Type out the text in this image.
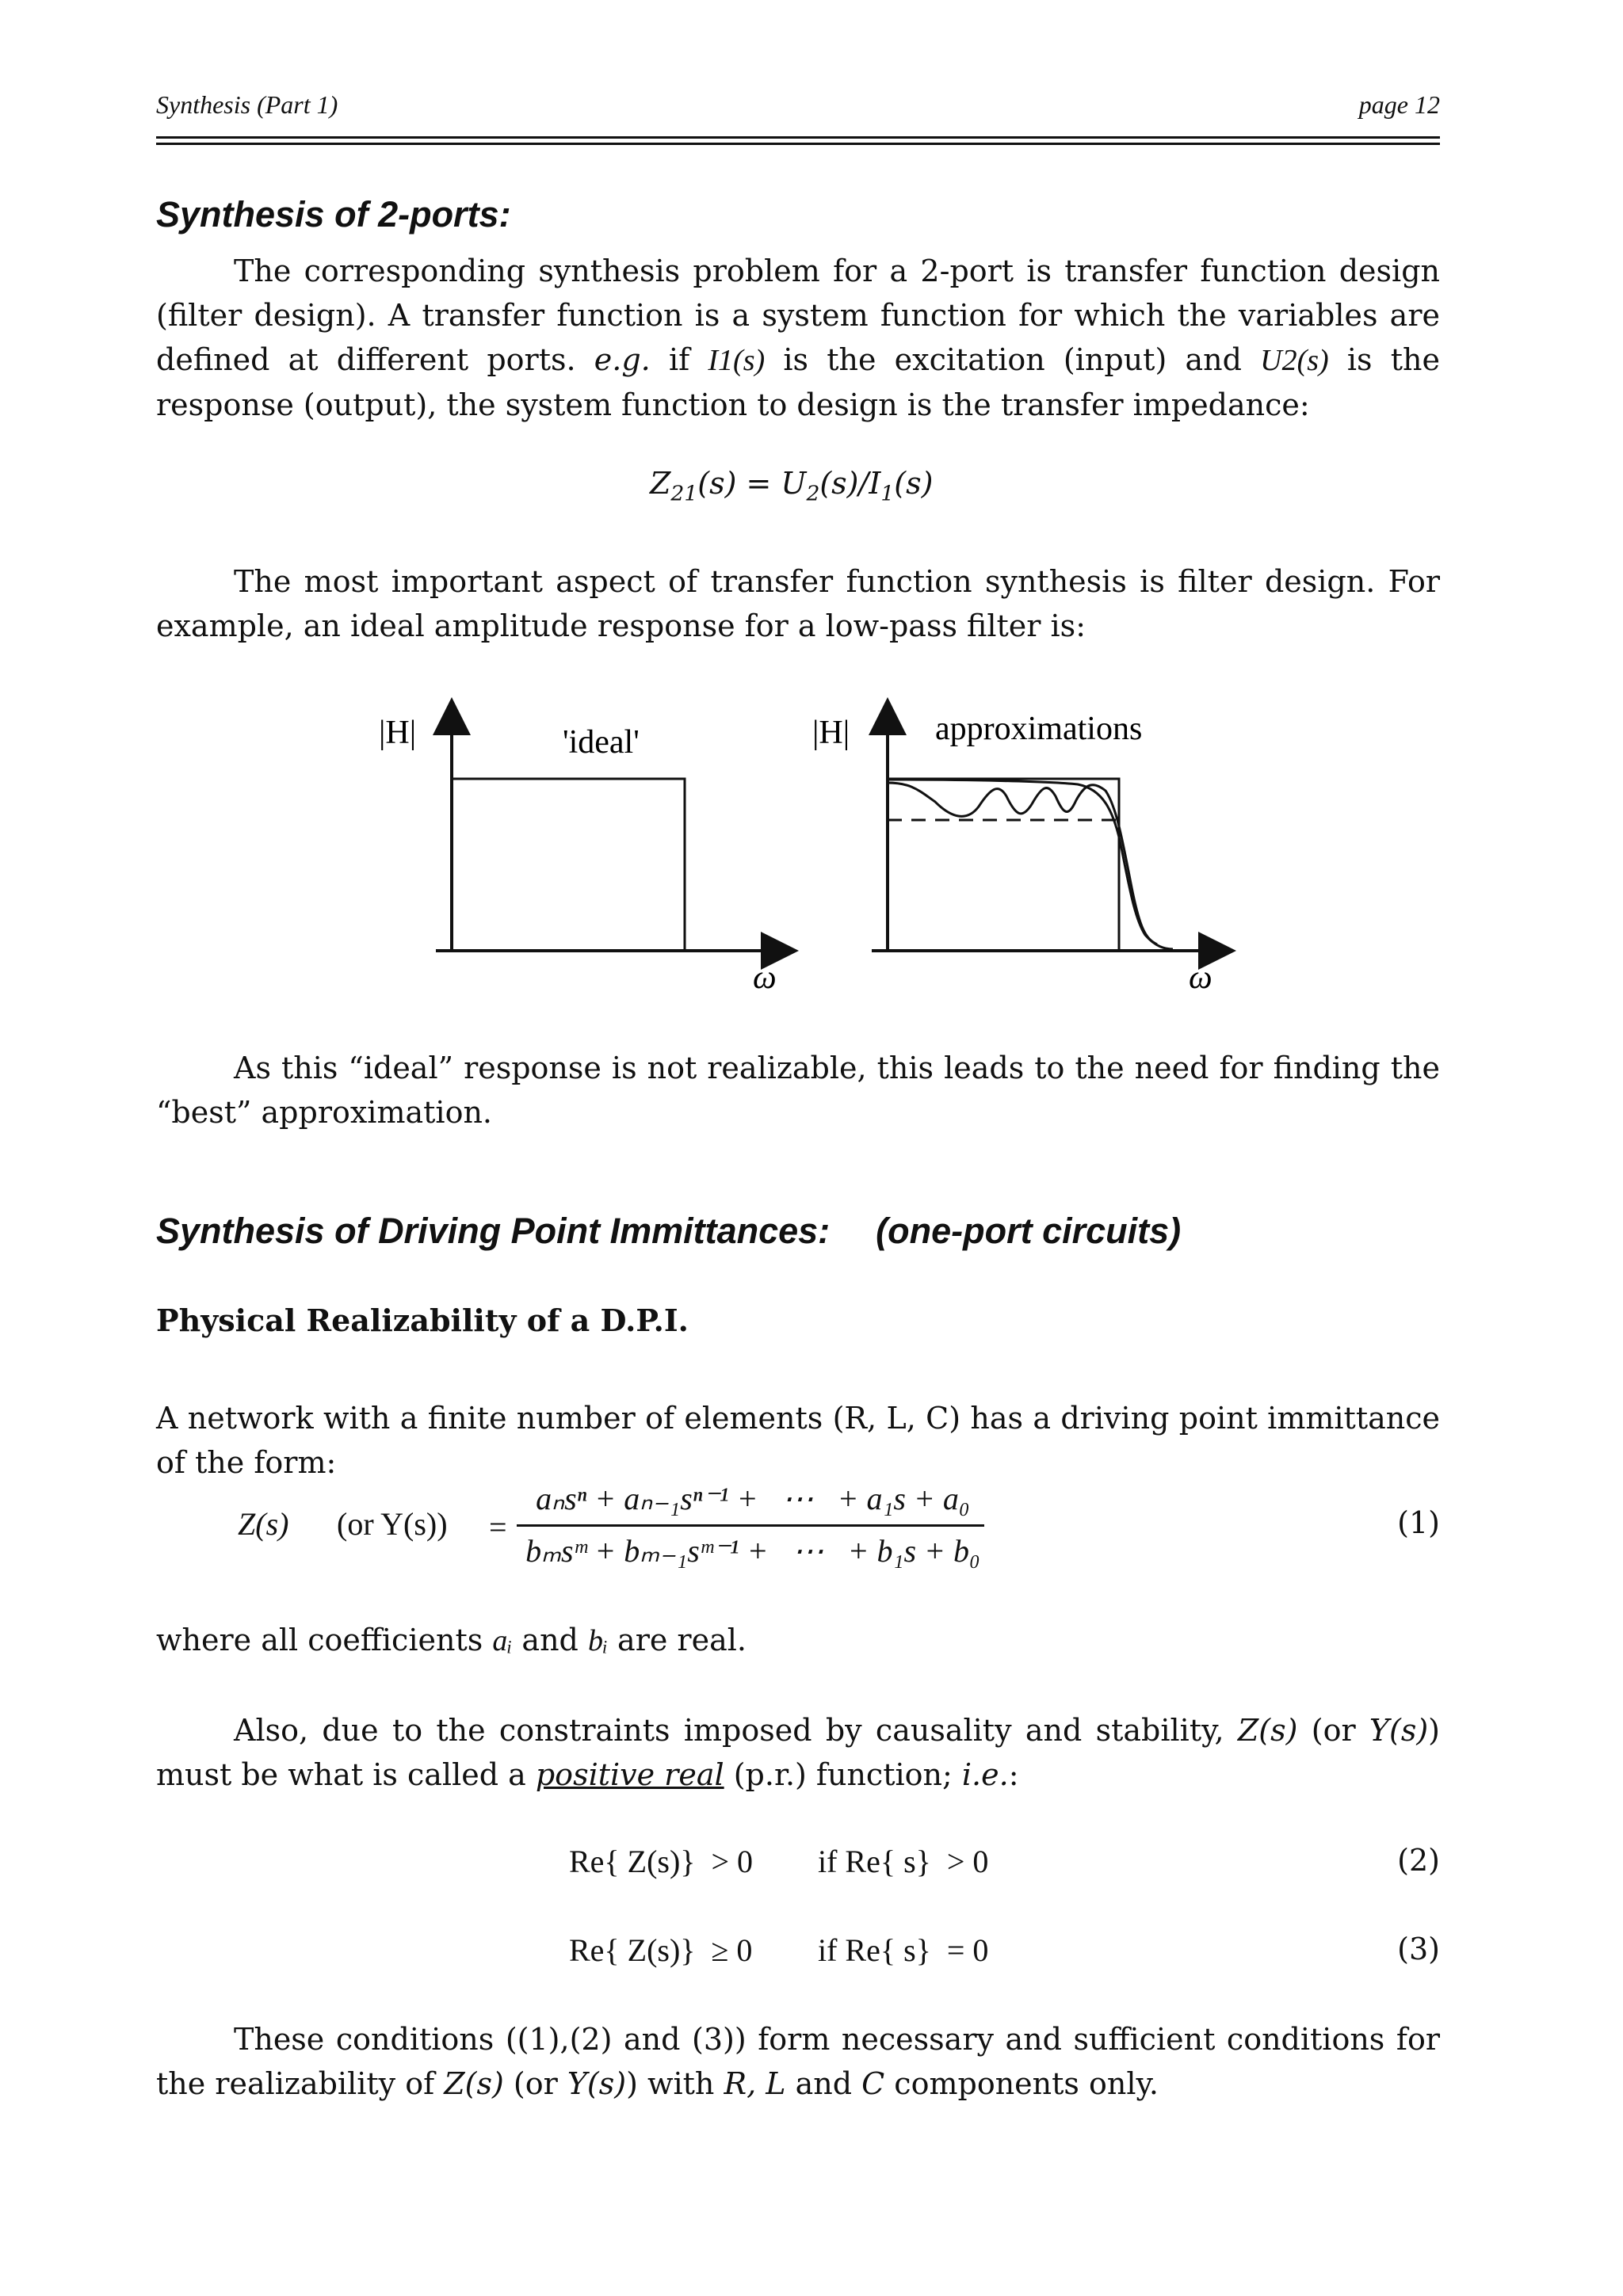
Synthesis (Part 1)	page 12
Synthesis of 2-ports:
The corresponding synthesis problem for a 2-port is transfer function design (filter design). A transfer function is a system function for which the variables are defined at different ports. e.g. if I1(s) is the excitation (input) and U2(s) is the response (output), the system function to design is the transfer impedance:
$Z_{21}(s) = U_2(s)/I_1(s)$
The most important aspect of transfer function synthesis is filter design. For example, an ideal amplitude response for a low-pass filter is:
|H|	'ideal'
ω
|H|	approximations
ω
As this “ideal” response is not realizable, this leads to the need for finding the “best” approximation.
Synthesis of Driving Point Immittances: (one-port circuits)
Physical Realizability of a D.P.I.
A network with a finite number of elements (R, L, C) has a driving point immittance of the form:
Z(s) (or Y(s)) =
aₙsⁿ + aₙ₋₁sⁿ⁻¹ +   ⋯   + a₁s + a₀
bₘsᵐ + bₘ₋₁sᵐ⁻¹ +   ⋯   + b₁s + b₀
(1)
where all coefficients aᵢ and bᵢ are real.
Also, due to the constraints imposed by causality and stability, Z(s) (or Y(s)) must be what is called a positive real (p.r.) function; i.e.:
Re{ Z(s)}  > 0 if Re{ s}  > 0	(2)
Re{ Z(s)}  ≥ 0 if Re{ s}  = 0	(3)
These conditions ((1),(2) and (3)) form necessary and sufficient conditions for the realizability of Z(s) (or Y(s)) with R, L and C components only.
